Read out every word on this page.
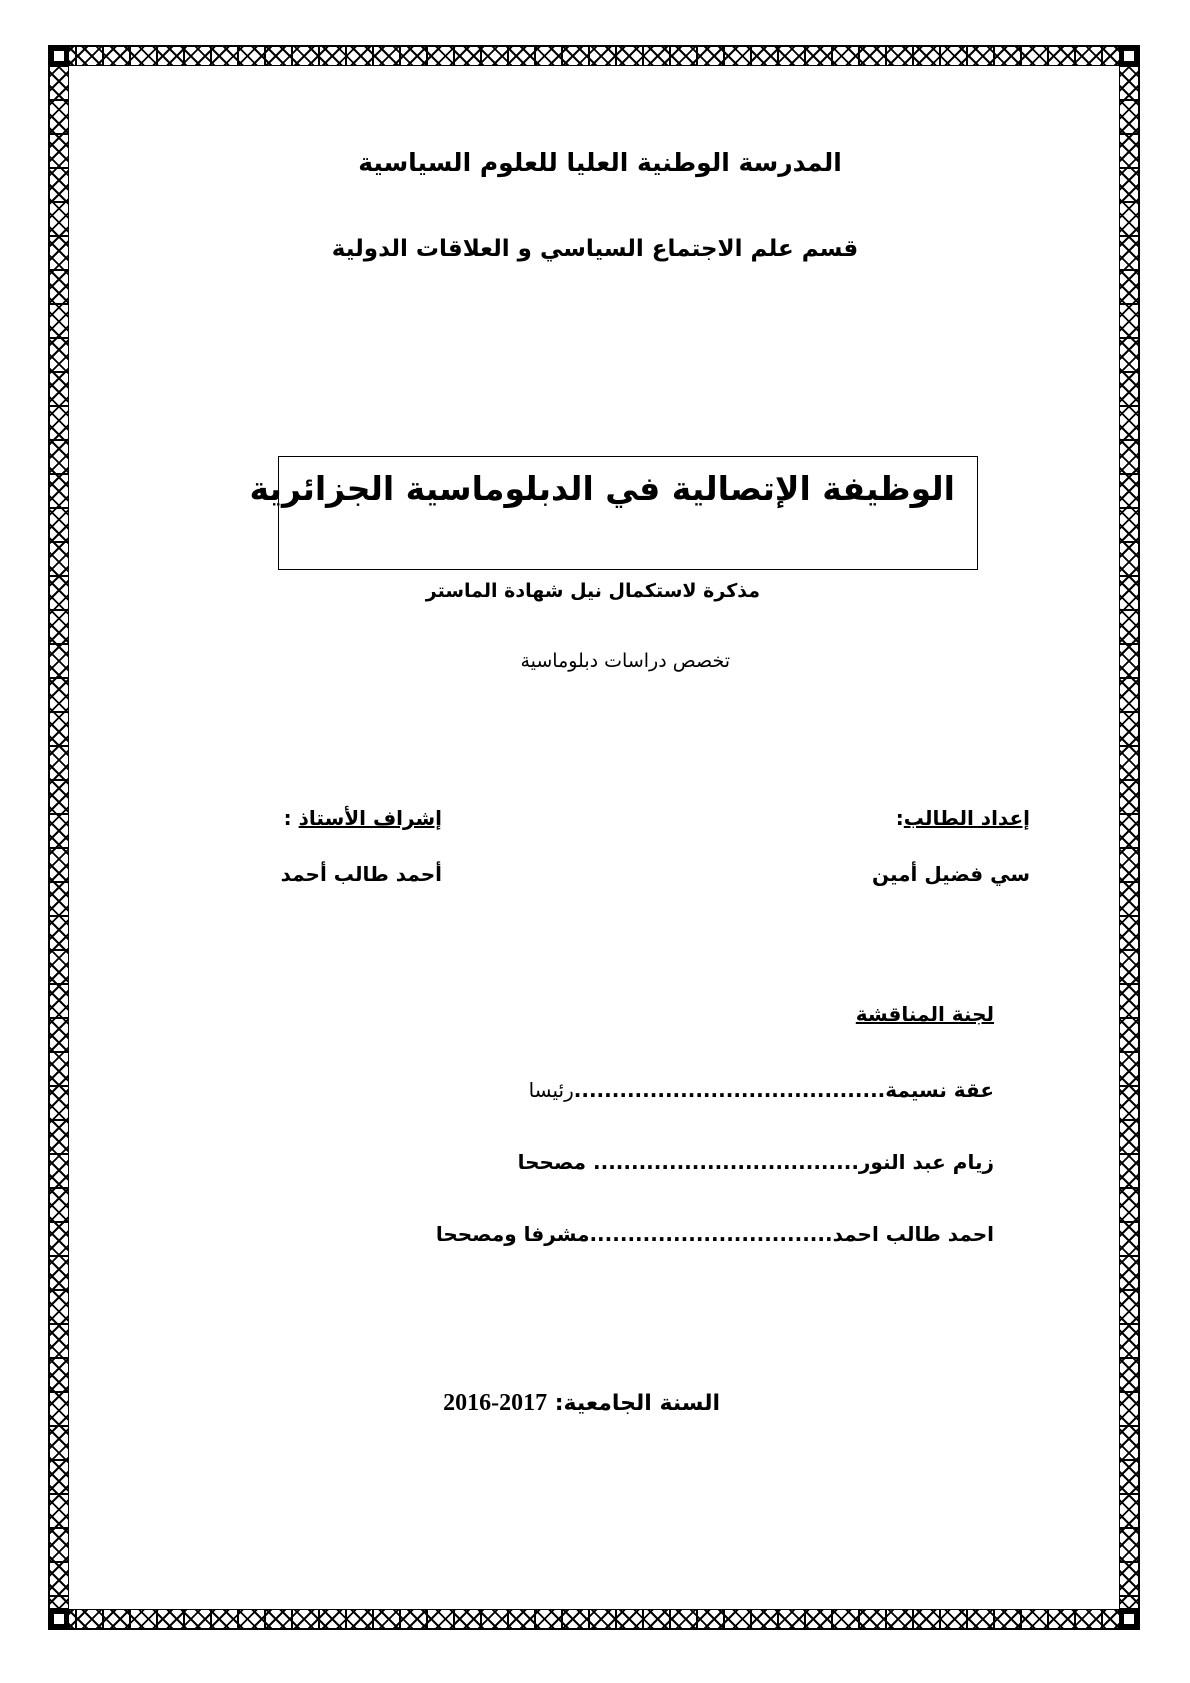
المدرسة الوطنية العليا للعلوم السياسية
قسم علم الاجتماع السياسي و العلاقات الدولية
الوظيفة الإتصالية في الدبلوماسية الجزائرية
مذكرة لاستكمال نيل شهادة الماستر
تخصص دراسات دبلوماسية
إعداد الطالب:
سي فضيل أمين
إشراف الأستاذ :
أحمد طالب أحمد
لجنة المناقشة
عقة نسيمة.........................................رئيسا
زيام عبد النور................................... مصححا
احمد طالب احمد................................مشرفا ومصححا
السنة الجامعية: 2016-2017
